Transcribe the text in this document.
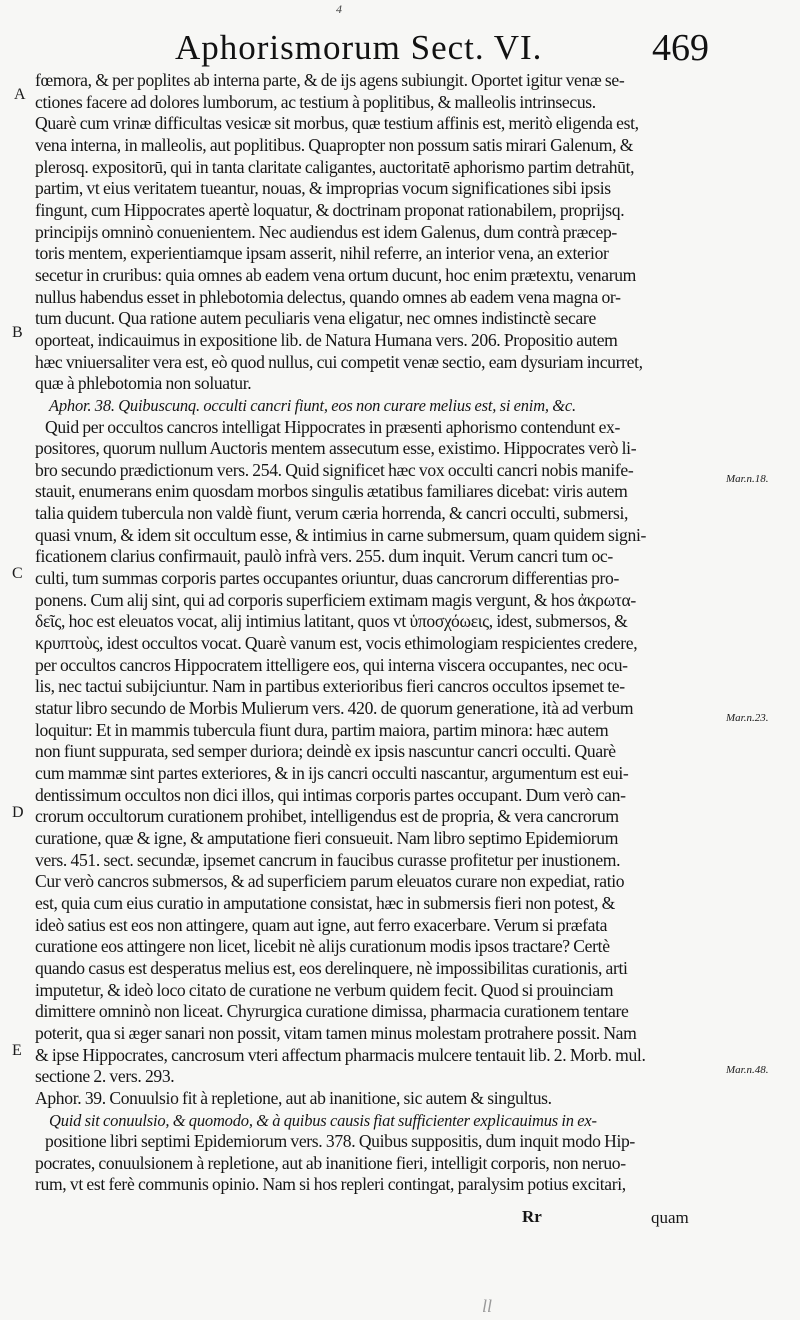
4
Aphorismorum Sect. VI.	469
A
B
C
D
E
Mar.n.18.
Mar.n.23.
Mar.n.48.
fœmora, & per poplites ab interna parte, & de ijs agens subiungit. Oportet igitur venæ se-
ctiones facere ad dolores lumborum, ac testium à poplitibus, & malleolis intrinsecus.
Quarè cum vrinæ difficultas vesicæ sit morbus, quæ testium affinis est, meritò eligenda est,
vena interna, in malleolis, aut poplitibus. Quapropter non possum satis mirari Galenum, &
plerosq. expositorū, qui in tanta claritate caligantes, auctoritatē aphorismo partim detrahūt,
partim, vt eius veritatem tueantur, nouas, & improprias vocum significationes sibi ipsis
fingunt, cum Hippocrates apertè loquatur, & doctrinam proponat rationabilem, proprijsq.
principijs omninò conuenientem. Nec audiendus est idem Galenus, dum contrà præcep-
toris mentem, experientiamque ipsam asserit, nihil referre, an interior vena, an exterior
secetur in cruribus: quia omnes ab eadem vena ortum ducunt, hoc enim prætextu, venarum
nullus habendus esset in phlebotomia delectus, quando omnes ab eadem vena magna or-
tum ducunt. Qua ratione autem peculiaris vena eligatur, nec omnes indistinctè secare
oporteat, indicauimus in expositione lib. de Natura Humana vers. 206. Propositio autem
hæc vniuersaliter vera est, eò quod nullus, cui competit venæ sectio, eam dysuriam incurret,
quæ à phlebotomia non soluatur.
Aphor. 38. Quibuscunq. occulti cancri fiunt, eos non curare melius est, si enim, &c.
Quid per occultos cancros intelligat Hippocrates in præsenti aphorismo contendunt ex-
positores, quorum nullum Auctoris mentem assecutum esse, existimo. Hippocrates verò li-
bro secundo prædictionum vers. 254. Quid significet hæc vox occulti cancri nobis manife-
stauit, enumerans enim quosdam morbos singulis ætatibus familiares dicebat: viris autem
talia quidem tubercula non valdè fiunt, verum cæria horrenda, & cancri occulti, submersi,
quasi vnum, & idem sit occultum esse, & intimius in carne submersum, quam quidem signi-
ficationem clarius confirmauit, paulò infrà vers. 255. dum inquit. Verum cancri tum oc-
culti, tum summas corporis partes occupantes oriuntur, duas cancrorum differentias pro-
ponens. Cum alij sint, qui ad corporis superficiem extimam magis vergunt, & hos ἀκρωτα-
δεῖς, hoc est eleuatos vocat, alij intimius latitant, quos vt ὑποσχόωεις, idest, submersos, &
κρυπτοὺς, idest occultos vocat. Quarè vanum est, vocis ethimologiam respicientes credere,
per occultos cancros Hippocratem ittelligere eos, qui interna viscera occupantes, nec ocu-
lis, nec tactui subijciuntur. Nam in partibus exterioribus fieri cancros occultos ipsemet te-
statur libro secundo de Morbis Mulierum vers. 420. de quorum generatione, ità ad verbum
loquitur: Et in mammis tubercula fiunt dura, partim maiora, partim minora: hæc autem
non fiunt suppurata, sed semper duriora; deindè ex ipsis nascuntur cancri occulti. Quarè
cum mammæ sint partes exteriores, & in ijs cancri occulti nascantur, argumentum est eui-
dentissimum occultos non dici illos, qui intimas corporis partes occupant. Dum verò can-
crorum occultorum curationem prohibet, intelligendus est de propria, & vera cancrorum
curatione, quæ & igne, & amputatione fieri consueuit. Nam libro septimo Epidemiorum
vers. 451. sect. secundæ, ipsemet cancrum in faucibus curasse profitetur per inustionem.
Cur verò cancros submersos, & ad superficiem parum eleuatos curare non expediat, ratio
est, quia cum eius curatio in amputatione consistat, hæc in submersis fieri non potest, &
ideò satius est eos non attingere, quam aut igne, aut ferro exacerbare. Verum si præfata
curatione eos attingere non licet, licebit nè alijs curationum modis ipsos tractare? Certè
quando casus est desperatus melius est, eos derelinquere, nè impossibilitas curationis, arti
imputetur, & ideò loco citato de curatione ne verbum quidem fecit. Quod si prouinciam
dimittere omninò non liceat. Chyrurgica curatione dimissa, pharmacia curationem tentare
poterit, qua si æger sanari non possit, vitam tamen minus molestam protrahere possit. Nam
& ipse Hippocrates, cancrosum vteri affectum pharmacis mulcere tentauit lib. 2. Morb. mul.
sectione 2. vers. 293.
Aphor. 39. Conuulsio fit à repletione, aut ab inanitione, sic autem & singultus.
Quid sit conuulsio, & quomodo, & à quibus causis fiat sufficienter explicauimus in ex-
positione libri septimi Epidemiorum vers. 378. Quibus suppositis, dum inquit modo Hip-
pocrates, conuulsionem à repletione, aut ab inanitione fieri, intelligit corporis, non neruo-
rum, vt est ferè communis opinio. Nam si hos repleri contingat, paralysim potius excitari,
Rr	quam
ll
